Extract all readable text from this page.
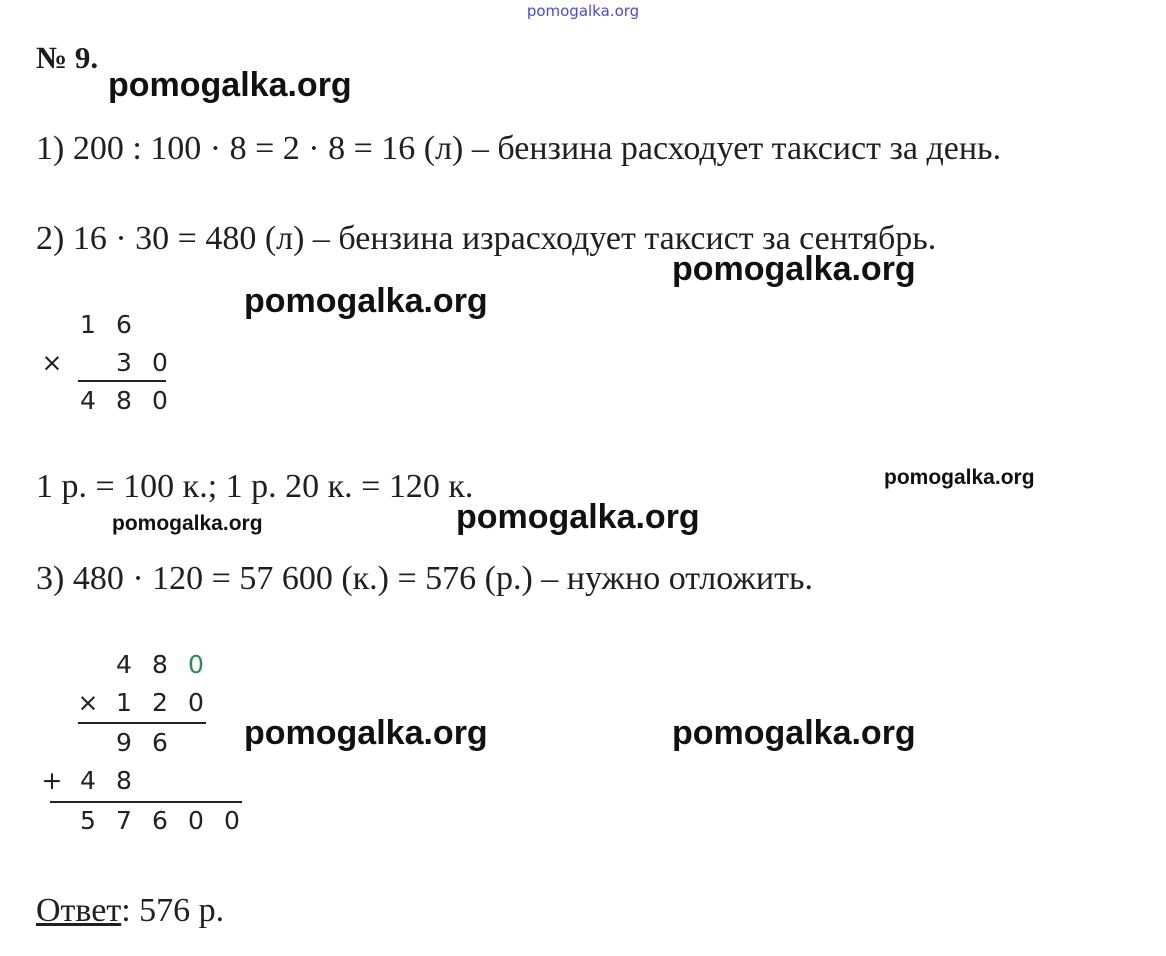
pomogalka.org
№ 9.
pomogalka.org
pomogalka.org
pomogalka.org
pomogalka.org
pomogalka.org
pomogalka.org
pomogalka.org	pomogalka.org
1) 200 : 100 · 8 = 2 · 8 = 16 (л) – бензина расходует таксист за день.
2) 16 · 30 = 480 (л) – бензина израсходует таксист за сентябрь.
1 р. = 100 к.; 1 р. 20 к. = 120 к.
3) 480 · 120 = 57 600 (к.) = 576 (р.) – нужно отложить.
1 6
×	3 0
4 8 0
4 8 0
× 1 2 0
9 6
+ 4 8
5 7 6 0 0
Ответ: 576 р.
